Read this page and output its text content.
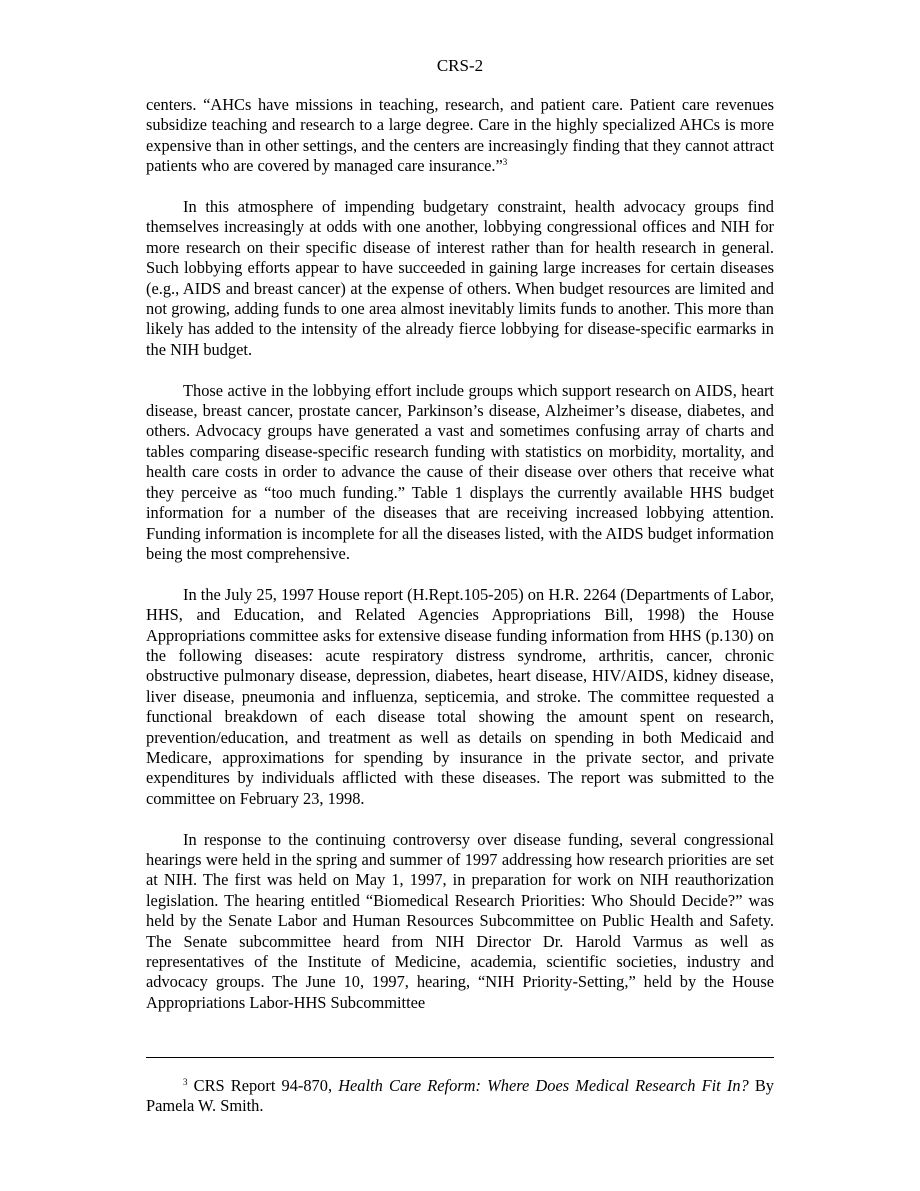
CRS-2

centers. “AHCs have missions in teaching, research, and patient care. Patient care revenues subsidize teaching and research to a large degree. Care in the highly specialized AHCs is more expensive than in other settings, and the centers are increasingly finding that they cannot attract patients who are covered by managed care insurance.”$^3$

In this atmosphere of impending budgetary constraint, health advocacy groups find themselves increasingly at odds with one another, lobbying congressional offices and NIH for more research on their specific disease of interest rather than for health research in general. Such lobbying efforts appear to have succeeded in gaining large increases for certain diseases (e.g., AIDS and breast cancer) at the expense of others. When budget resources are limited and not growing, adding funds to one area almost inevitably limits funds to another. This more than likely has added to the intensity of the already fierce lobbying for disease-specific earmarks in the NIH budget.

Those active in the lobbying effort include groups which support research on AIDS, heart disease, breast cancer, prostate cancer, Parkinson’s disease, Alzheimer’s disease, diabetes, and others. Advocacy groups have generated a vast and sometimes confusing array of charts and tables comparing disease-specific research funding with statistics on morbidity, mortality, and health care costs in order to advance the cause of their disease over others that receive what they perceive as “too much funding.” Table 1 displays the currently available HHS budget information for a number of the diseases that are receiving increased lobbying attention. Funding information is incomplete for all the diseases listed, with the AIDS budget information being the most comprehensive.

In the July 25, 1997 House report (H.Rept.105-205) on H.R. 2264 (Departments of Labor, HHS, and Education, and Related Agencies Appropriations Bill, 1998) the House Appropriations committee asks for extensive disease funding information from HHS (p.130) on the following diseases: acute respiratory distress syndrome, arthritis, cancer, chronic obstructive pulmonary disease, depression, diabetes, heart disease, HIV/AIDS, kidney disease, liver disease, pneumonia and influenza, septicemia, and stroke. The committee requested a functional breakdown of each disease total showing the amount spent on research, prevention/education, and treatment as well as details on spending in both Medicaid and Medicare, approximations for spending by insurance in the private sector, and private expenditures by individuals afflicted with these diseases. The report was submitted to the committee on February 23, 1998.

In response to the continuing controversy over disease funding, several congressional hearings were held in the spring and summer of 1997 addressing how research priorities are set at NIH. The first was held on May 1, 1997, in preparation for work on NIH reauthorization legislation. The hearing entitled “Biomedical Research Priorities: Who Should Decide?” was held by the Senate Labor and Human Resources Subcommittee on Public Health and Safety. The Senate subcommittee heard from NIH Director Dr. Harold Varmus as well as representatives of the Institute of Medicine, academia, scientific societies, industry and advocacy groups. The June 10, 1997, hearing, “NIH Priority-Setting,” held by the House Appropriations Labor-HHS Subcommittee

$^3$ CRS Report 94-870, Health Care Reform: Where Does Medical Research Fit In? By Pamela W. Smith.
